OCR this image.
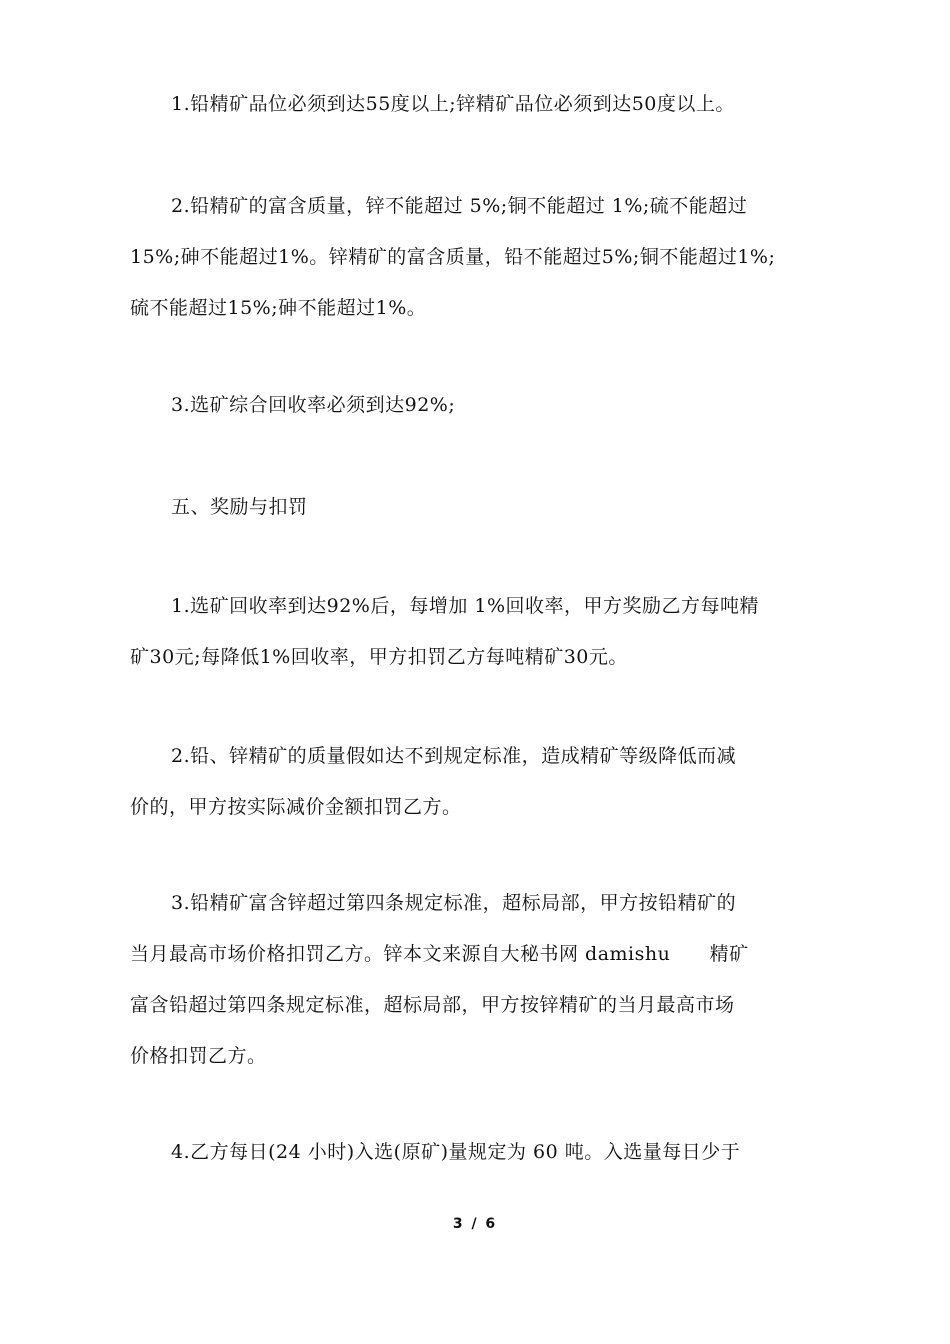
1.铅精矿品位必须到达55度以上;锌精矿品位必须到达50度以上。

2.铅精矿的富含质量，锌不能超过 5%;铜不能超过 1%;硫不能超过
15%;砷不能超过1%。锌精矿的富含质量，铅不能超过5%;铜不能超过1%;
硫不能超过15%;砷不能超过1%。

3.选矿综合回收率必须到达92%;

五、奖励与扣罚

1.选矿回收率到达92%后，每增加 1%回收率，甲方奖励乙方每吨精
矿30元;每降低1%回收率，甲方扣罚乙方每吨精矿30元。

2.铅、锌精矿的质量假如达不到规定标准，造成精矿等级降低而减
价的，甲方按实际减价金额扣罚乙方。

3.铅精矿富含锌超过第四条规定标准，超标局部，甲方按铅精矿的
当月最高市场价格扣罚乙方。锌本文来源自大秘书网 damishu      精矿
富含铅超过第四条规定标准，超标局部，甲方按锌精矿的当月最高市场
价格扣罚乙方。

4.乙方每日(24 小时)入选(原矿)量规定为 60 吨。入选量每日少于

3 / 6
